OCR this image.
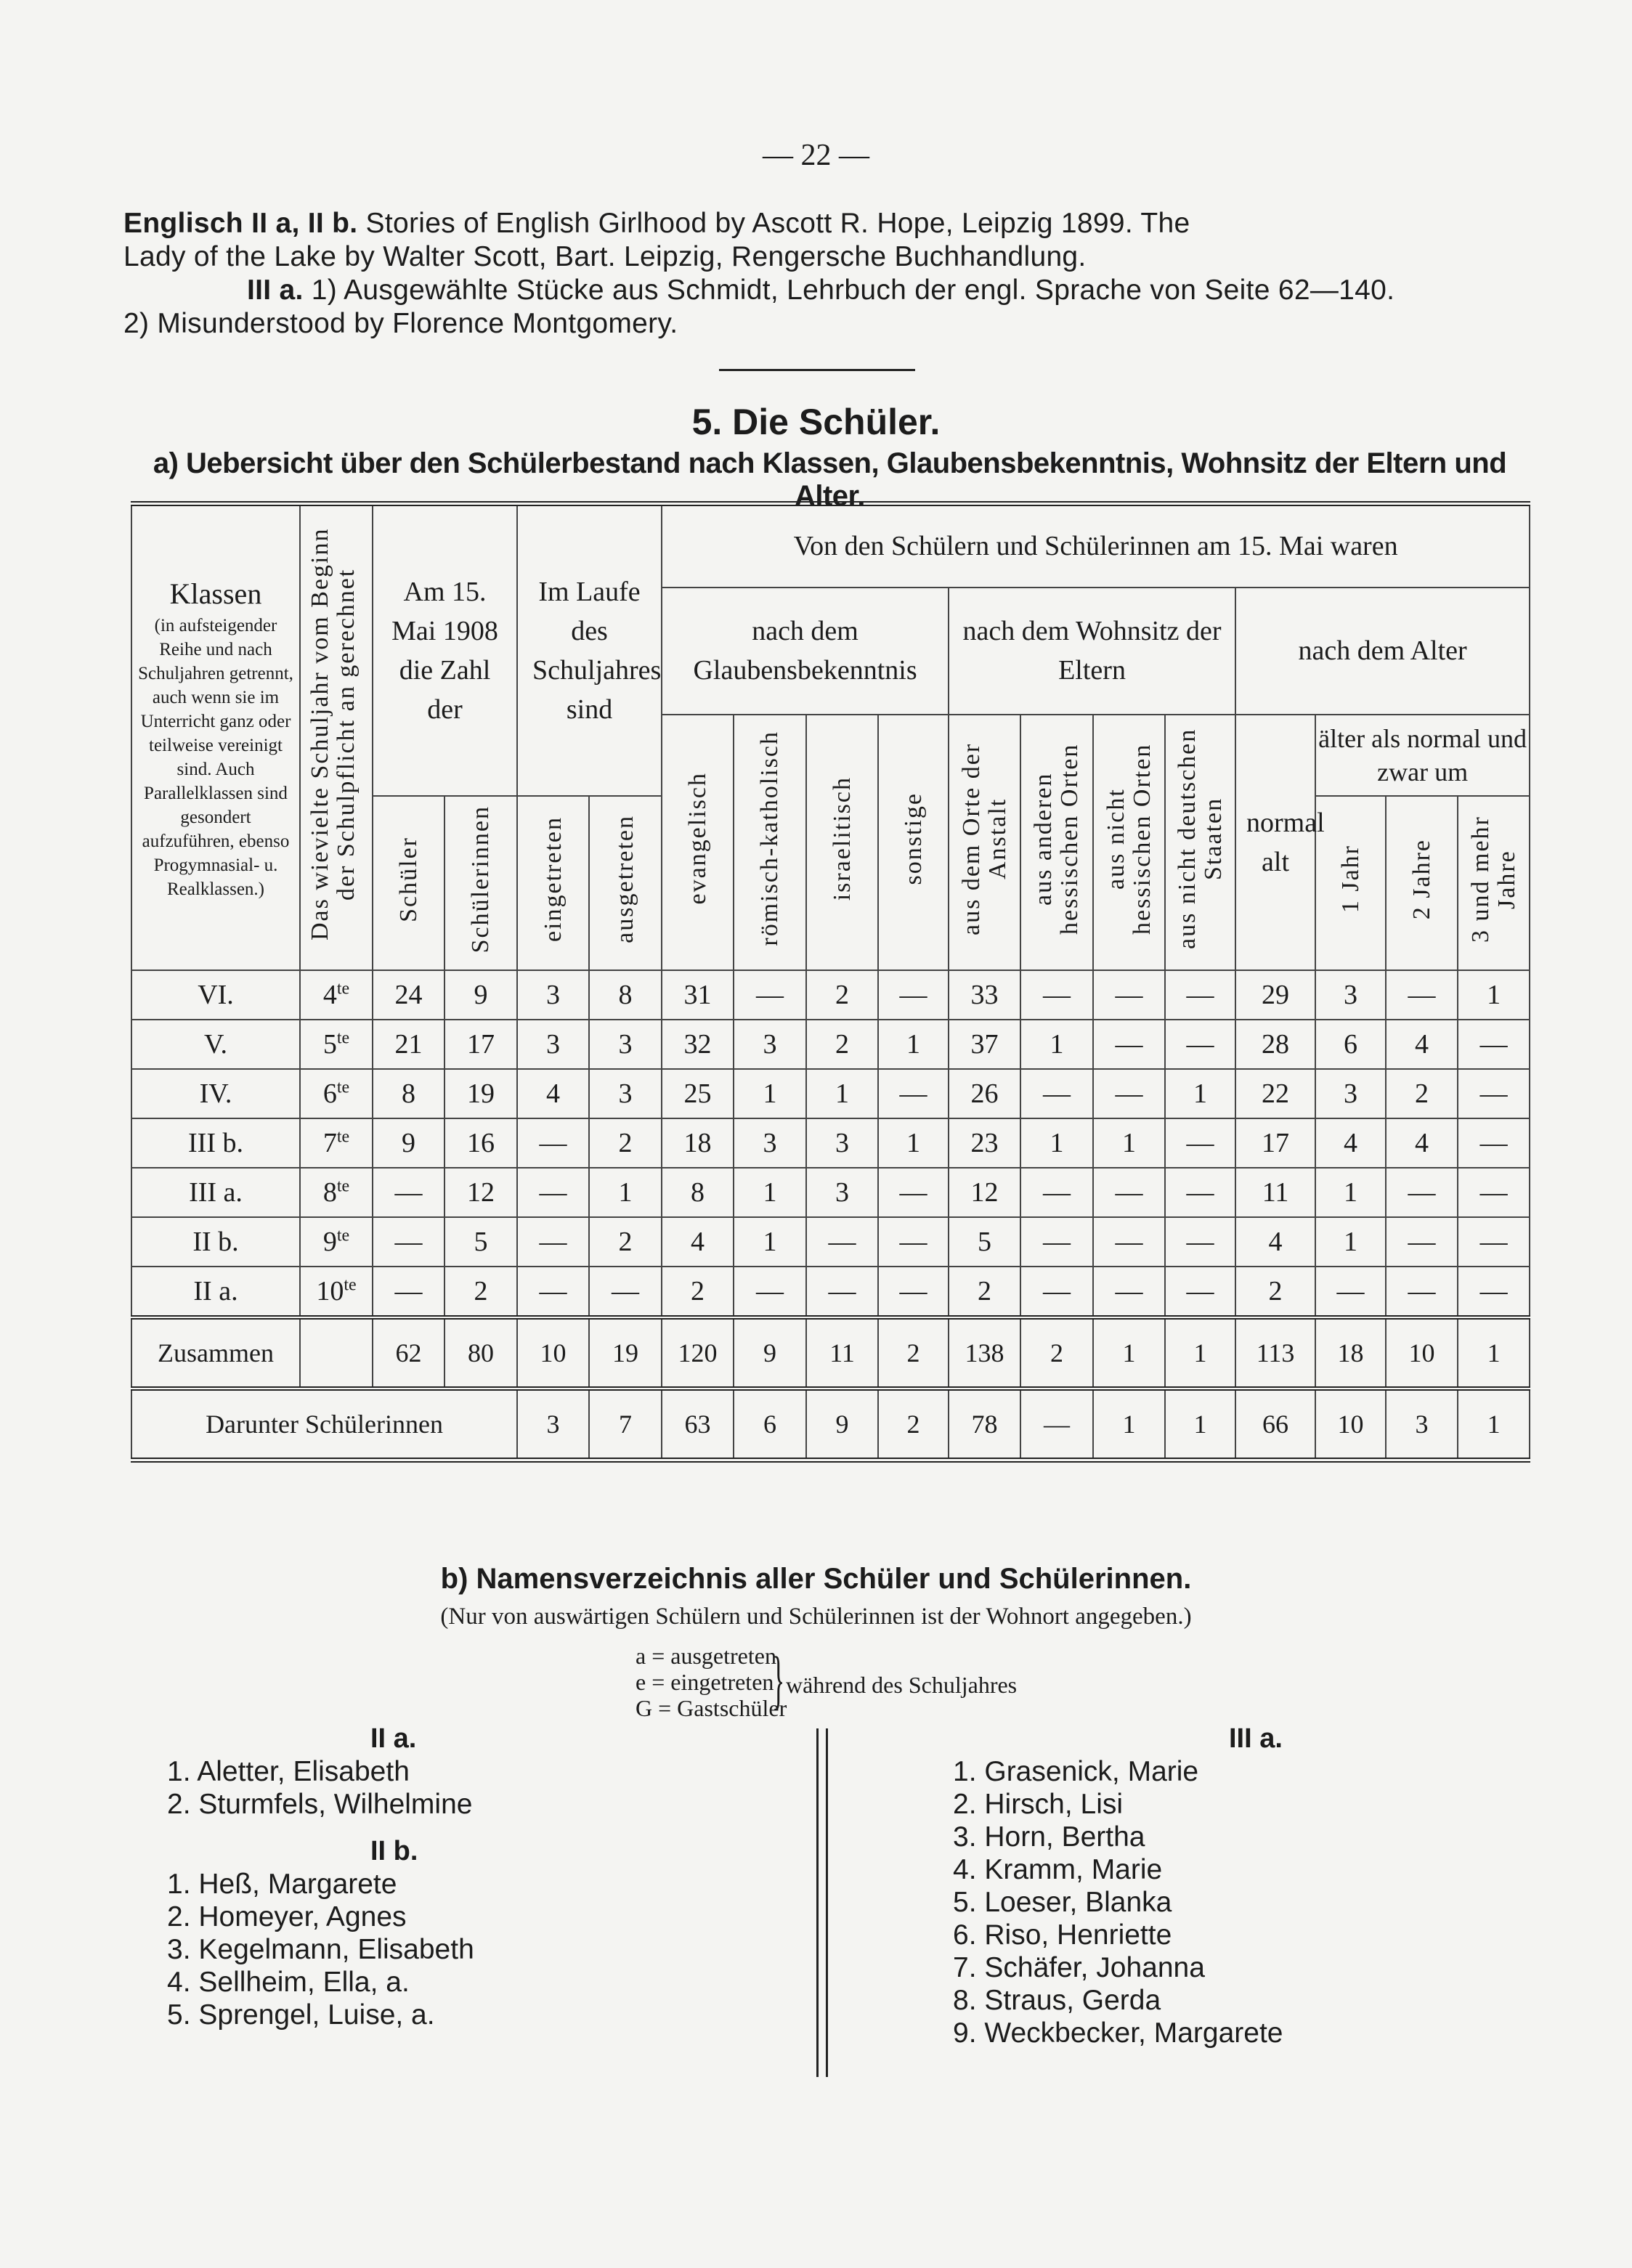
— 22 —
Englisch II a, II b. Stories of English Girlhood by Ascott R. Hope, Leipzig 1899. The
Lady of the Lake by Walter Scott, Bart. Leipzig, Rengersche Buchhandlung.
III a. 1) Ausgewählte Stücke aus Schmidt, Lehrbuch der engl. Sprache von Seite 62—140.
2) Misunderstood by Florence Montgomery.
5. Die Schüler.
a) Uebersicht über den Schülerbestand nach Klassen, Glaubensbekenntnis, Wohnsitz der Eltern und Alter.
Klassen
(in aufsteigender Reihe und nach Schuljahren getrennt, auch wenn sie im Unterricht ganz oder teilweise vereinigt sind. Auch Parallelklassen sind gesondert aufzuführen, ebenso Progymnasial- u. Realklassen.)	Das wievielte Schuljahr vom Beginn der Schulpflicht an gerechnet	Am 15. Mai 1908 die Zahl der		Im Laufe des Schuljahres sind		Von den Schülern und Schülerinnen am 15. Mai waren											
						nach dem Glaubensbekenntnis				nach dem Wohnsitz der Eltern				nach dem Alter			
						evangelisch	römisch-katholisch	israelitisch	sonstige	aus dem Orte der Anstalt	aus anderen hessischen Orten	aus nicht hessischen Orten	aus nicht deutschen Staaten	normal alt	älter als normal und zwar um		
		Schüler	Schülerinnen	eingetreten	ausgetreten										1 Jahr	2 Jahre	3 und mehr Jahre
VI.	$4^{te}$	24	9	3	8	31	—	2	—	33	—	—	—	29	3	—	1
V.	$5^{te}$	21	17	3	3	32	3	2	1	37	1	—	—	28	6	4	—
IV.	$6^{te}$	8	19	4	3	25	1	1	—	26	—	—	1	22	3	2	—
III b.	$7^{te}$	9	16	—	2	18	3	3	1	23	1	1	—	17	4	4	—
III a.	$8^{te}$	—	12	—	1	8	1	3	—	12	—	—	—	11	1	—	—
II b.	$9^{te}$	—	5	—	2	4	1	—	—	5	—	—	—	4	1	—	—
II a.	$10^{te}$	—	2	—	—	2	—	—	—	2	—	—	—	2	—	—	—
Zusammen		62	80	10	19	120	9	11	2	138	2	1	1	113	18	10	1
Darunter Schülerinnen				3	7	63	6	9	2	78	—	1	1	66	10	3	1
b) Namensverzeichnis aller Schüler und Schülerinnen.
(Nur von auswärtigen Schülern und Schülerinnen ist der Wohnort angegeben.)
a = ausgetreten
e = eingetreten
G = Gastschüler
} während des Schuljahres
II a.
1. Aletter, Elisabeth
2. Sturmfels, Wilhelmine
II b.
1. Heß, Margarete
2. Homeyer, Agnes
3. Kegelmann, Elisabeth
4. Sellheim, Ella, a.
5. Sprengel, Luise, a.
III a.
1. Grasenick, Marie
2. Hirsch, Lisi
3. Horn, Bertha
4. Kramm, Marie
5. Loeser, Blanka
6. Riso, Henriette
7. Schäfer, Johanna
8. Straus, Gerda
9. Weckbecker, Margarete
